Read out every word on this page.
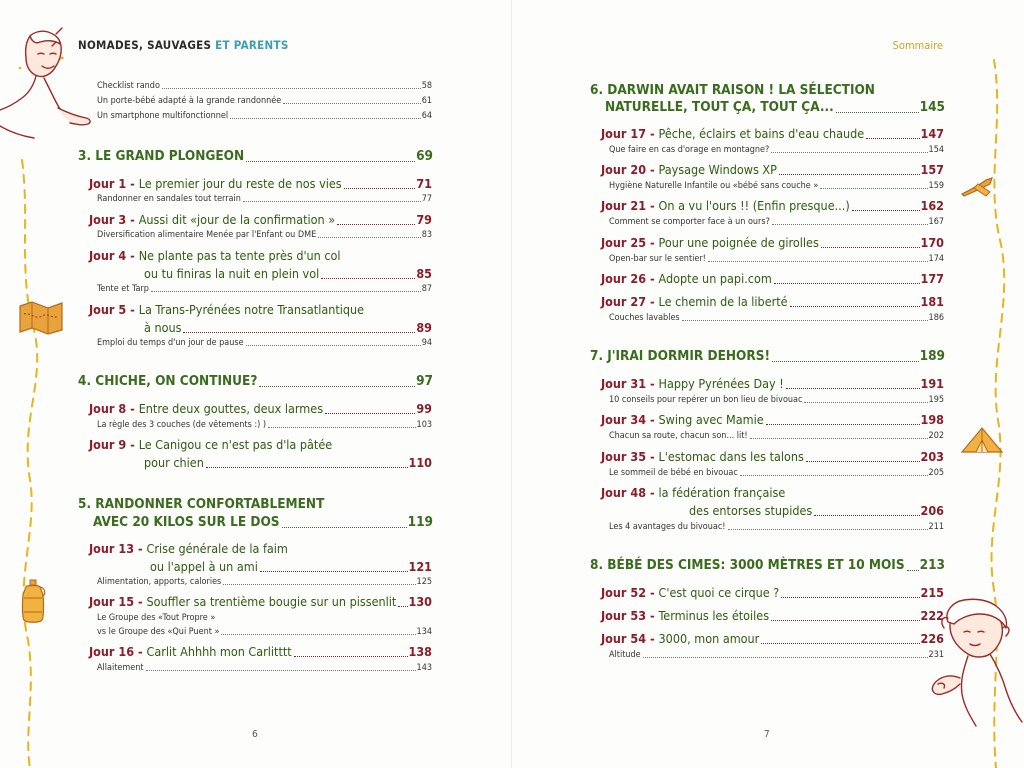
NOMADES, SAUVAGES ET PARENTS
Checklist rando	58
Un porte-bébé adapté à la grande randonnée	61
Un smartphone multifonctionnel	64
3. LE GRAND PLONGEON	69
Jour 1 - Le premier jour du reste de nos vies	71
Randonner en sandales tout terrain	77
Jour 3 - Aussi dit «jour de la confirmation »	79
Diversification alimentaire Menée par l'Enfant ou DME	83
Jour 4 - Ne plante pas ta tente près d'un col
ou tu finiras la nuit en plein vol	85
Tente et Tarp	87
Jour 5 - La Trans-Pyrénées notre Transatlantique
à nous	89
Emploi du temps d'un jour de pause	94
4. CHICHE, ON CONTINUE?	97
Jour 8 - Entre deux gouttes, deux larmes	99
La règle des 3 couches (de vêtements :) )	103
Jour 9 - Le Canigou ce n'est pas d'la pâtée
pour chien	110
5. RANDONNER CONFORTABLEMENT
AVEC 20 KILOS SUR LE DOS	119
Jour 13 - Crise générale de la faim
ou l'appel à un ami	121
Alimentation, apports, calories	125
Jour 15 - Souffler sa trentième bougie sur un pissenlit 130
Le Groupe des «Tout Propre »
vs le Groupe des «Qui Puent »	134
Jour 16 - Carlit Ahhhh mon Carlitttt	138
Allaitement	143
6
Sommaire
6. DARWIN AVAIT RAISON ! LA SÉLECTION
NATURELLE, TOUT ÇA, TOUT ÇA...	145
Jour 17 - Pêche, éclairs et bains d'eau chaude	147
Que faire en cas d'orage en montagne?	154
Jour 20 - Paysage Windows XP	157
Hygiène Naturelle Infantile ou «bébé sans couche »	159
Jour 21 - On a vu l'ours !! (Enfin presque...)	162
Comment se comporter face à un ours?	167
Jour 25 - Pour une poignée de girolles	170
Open-bar sur le sentier!	174
Jour 26 - Adopte un papi.com	177
Jour 27 - Le chemin de la liberté	181
Couches lavables	186
7. J'IRAI DORMIR DEHORS!	189
Jour 31 - Happy Pyrénées Day !	191
10 conseils pour repérer un bon lieu de bivouac	195
Jour 34 - Swing avec Mamie	198
Chacun sa route, chacun son... lit!	202
Jour 35 - L'estomac dans les talons	203
Le sommeil de bébé en bivouac	205
Jour 48 - la fédération française
des entorses stupides	206
Les 4 avantages du bivouac!	211
8. BÉBÉ DES CIMES: 3000 MÈTRES ET 10 MOIS 213
Jour 52 - C'est quoi ce cirque ?	215
Jour 53 - Terminus les étoiles	222
Jour 54 - 3000, mon amour	226
Altitude	231
7
